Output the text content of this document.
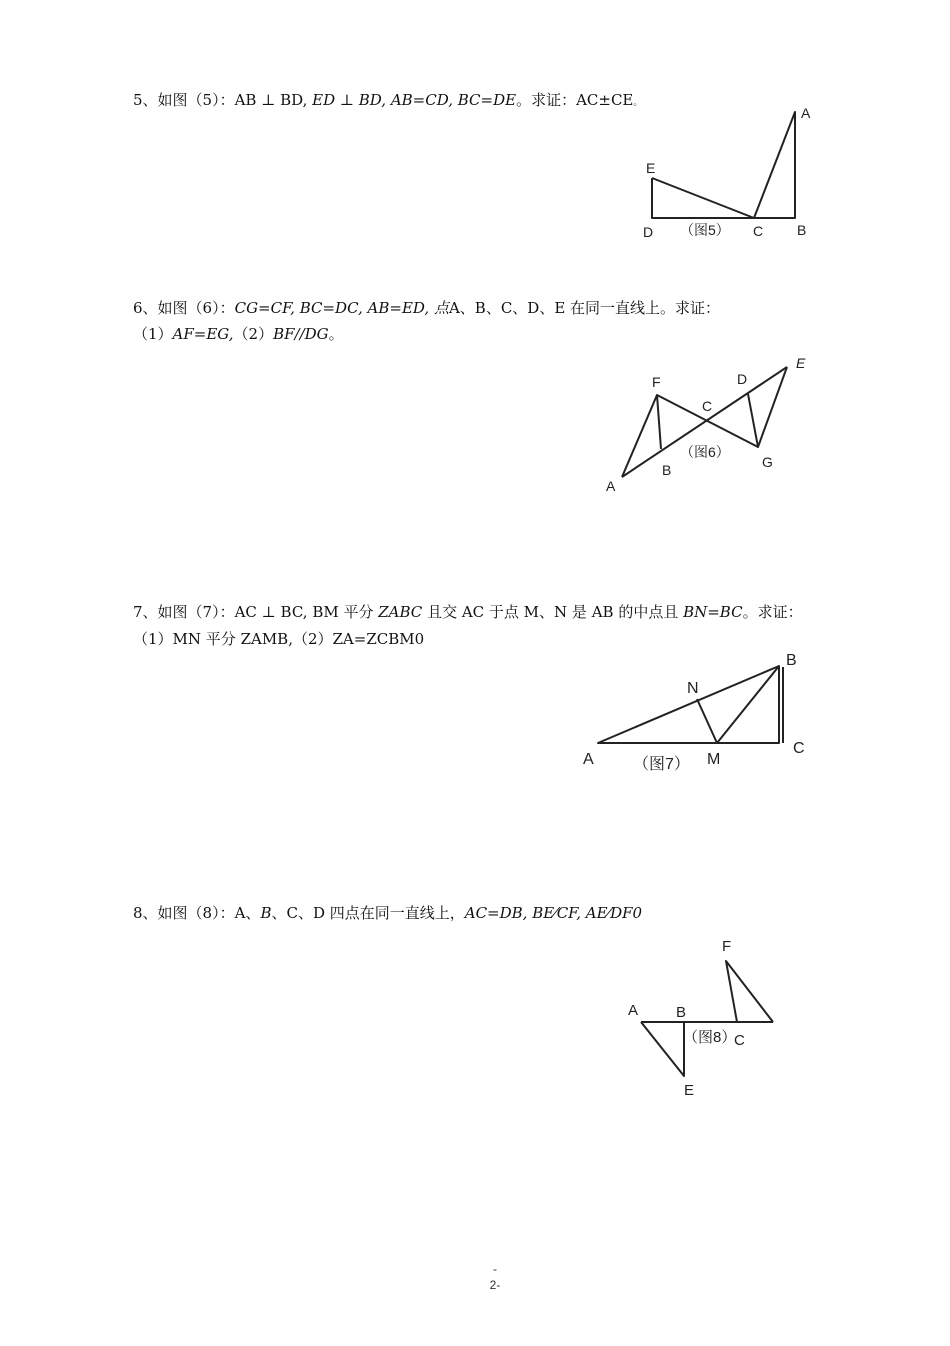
5、如图（5）：AB ⊥ BD, ED ⊥ BD, AB=CD, BC=DE。求证：AC±CE。
A
E
D	C B
（图5）
6、如图（6）：CG=CF, BC=DC, AB=ED, 点A、B、C、D、E 在同一直线上。求证：
（1）AF=EG,（2）BF//DG。
F	D
E
C
A
B	G
（图6）
7、如图（7）：AC ⊥ BC, BM 平分 ZABC 且交 AC 于点 M、N 是 AB 的中点且 BN=BC。求证：
（1）MN 平分 ZAMB,（2）ZA=ZCBM0
B
N
A	M
C
（图7）
8、如图（8）：A、B、C、D 四点在同一直线上，AC=DB, BE⁄CF, AE⁄DF0
F
A	B
C
E
（图8）
-
2-
